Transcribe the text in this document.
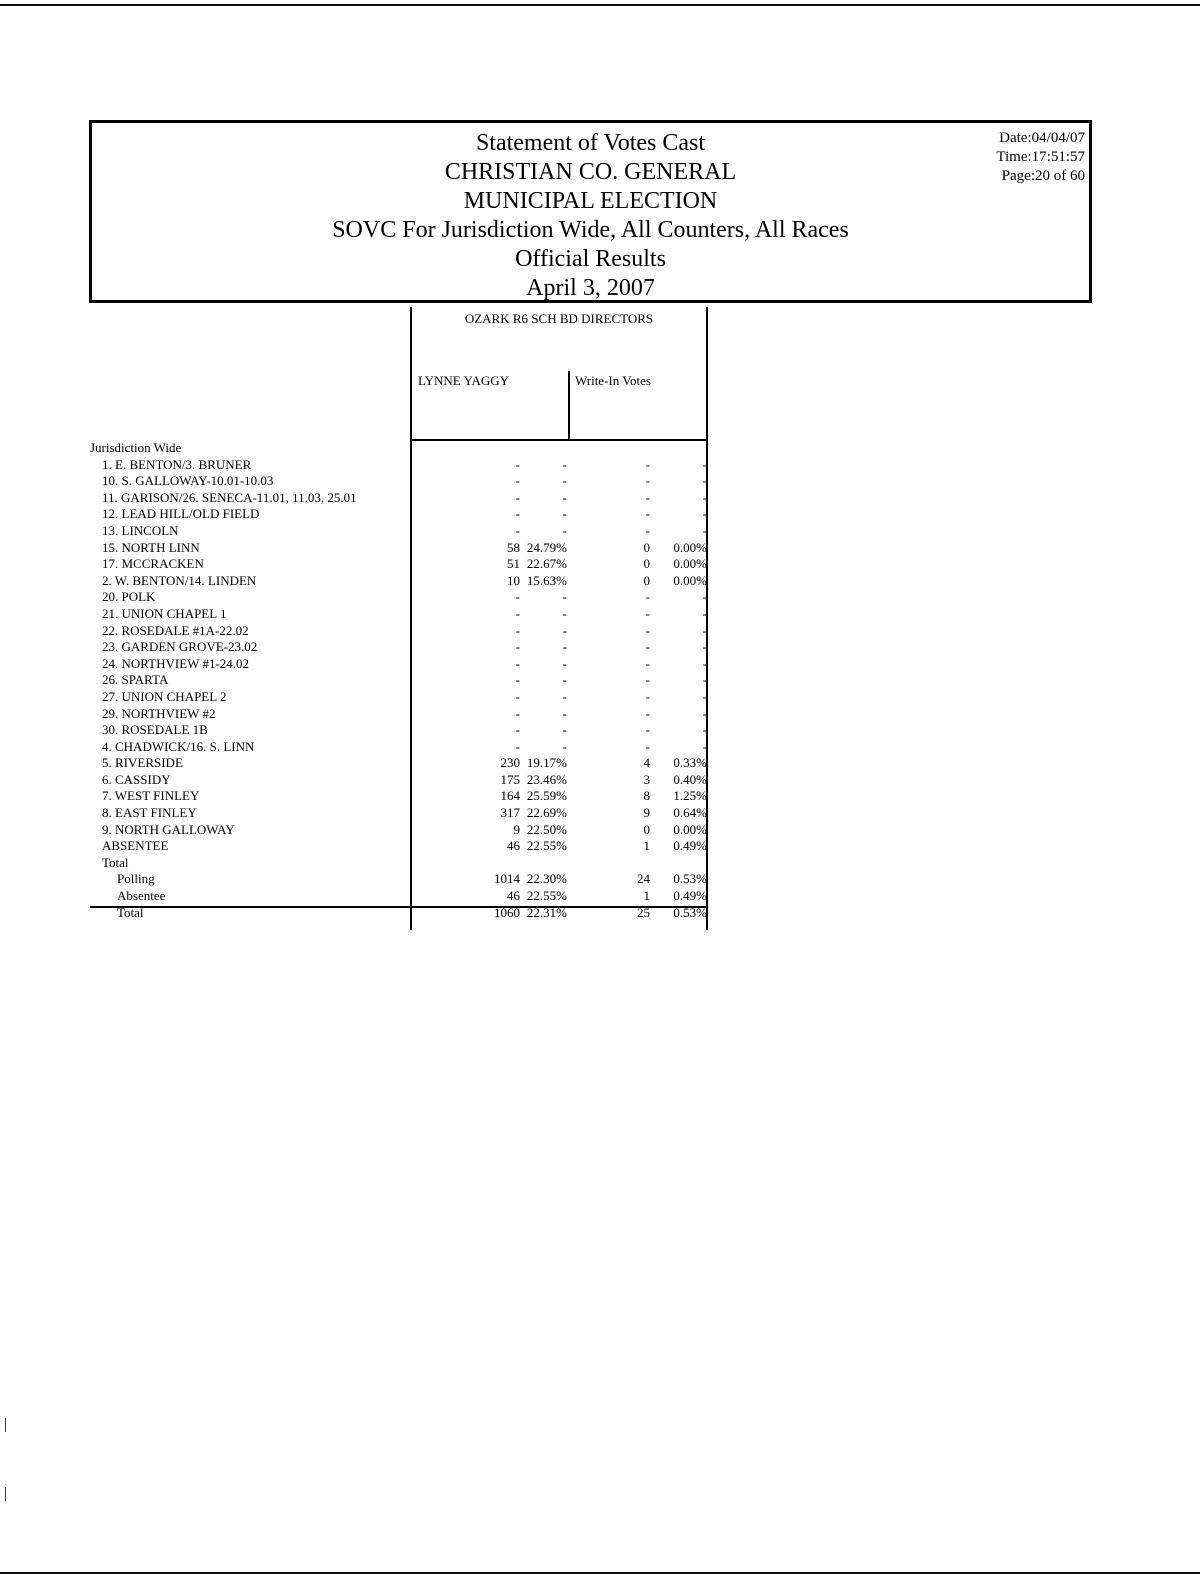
Statement of Votes Cast
CHRISTIAN CO. GENERAL
MUNICIPAL ELECTION
SOVC For Jurisdiction Wide, All Counters, All Races
Official Results
April 3, 2007
Date:04/04/07
Time:17:51:57
Page:20 of 60
OZARK R6 SCH BD DIRECTORS
LYNNE YAGGY	Write-In Votes
Jurisdiction Wide
1. E. BENTON/3. BRUNER	-	-	-	-
10. S. GALLOWAY-10.01-10.03	-	-	-	-
11. GARISON/26. SENECA-11.01, 11.03, 25.01	-	-	-	-
12. LEAD HILL/OLD FIELD	-	-	-	-
13. LINCOLN	-	-	-	-
15. NORTH LINN	58 24.79%	0	0.00%
17. MCCRACKEN	51 22.67%	0	0.00%
2. W. BENTON/14. LINDEN	10 15.63%	0	0.00%
20. POLK	-	-	-	-
21. UNION CHAPEL 1	-	-	-	-
22. ROSEDALE #1A-22.02	-	-	-	-
23. GARDEN GROVE-23.02	-	-	-	-
24. NORTHVIEW #1-24.02	-	-	-	-
26. SPARTA	-	-	-	-
27. UNION CHAPEL 2	-	-	-	-
29. NORTHVIEW #2	-	-	-	-
30. ROSEDALE 1B	-	-	-	-
4. CHADWICK/16. S. LINN	-	-	-	-
5. RIVERSIDE	230 19.17%	4	0.33%
6. CASSIDY	175 23.46%	3	0.40%
7. WEST FINLEY	164 25.59%	8	1.25%
8. EAST FINLEY	317 22.69%	9	0.64%
9. NORTH GALLOWAY	9 22.50%	0	0.00%
ABSENTEE	46 22.55%	1	0.49%
Total
Polling	1014 22.30%	24	0.53%
Absentee	46 22.55%	1	0.49%
Total	1060 22.31%	25	0.53%
